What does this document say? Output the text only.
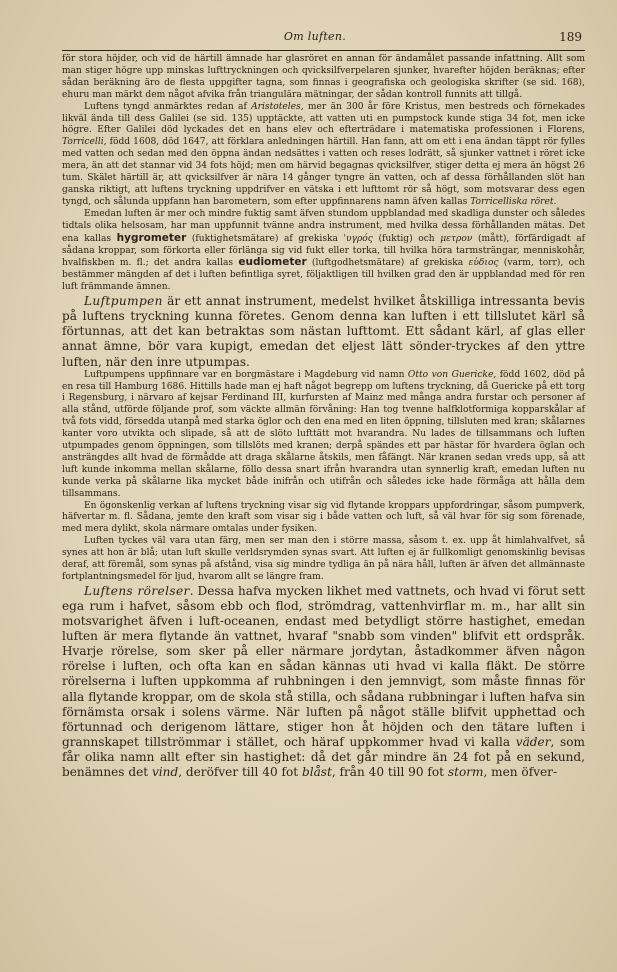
Om luften.	189

för stora höjder, och vid de härtill ämnade har glasröret en annan för ändamålet passande infattning. Allt som man stiger högre upp minskas lufttryckningen och qvicksilfverpelaren sjunker, hvarefter höjden beräknas; efter sådan beräkning äro de flesta uppgifter tagna, som finnas i geografiska och geologiska skrifter (se sid. 168), ehuru man märkt dem något afvika från triangulära mätningar, der sådan kontroll funnits att tillgå.

Luftens tyngd anmärktes redan af Aristoteles, mer än 300 år före Kristus, men bestreds och förnekades likväl ända till dess Galilei (se sid. 135) upptäckte, att vatten uti en pumpstock kunde stiga 34 fot, men icke högre. Efter Galilei död lyckades det en hans elev och efterträdare i matematiska professionen i Florens, Torricelli, född 1608, död 1647, att förklara anledningen härtill. Han fann, att om ett i ena ändan täppt rör fylles med vatten och sedan med den öppna ändan nedsättes i vatten och reses lodrätt, så sjunker vattnet i röret icke mera, än att det stannar vid 34 fots höjd; men om härvid begagnas qvicksilfver, stiger detta ej mera än högst 26 tum. Skälet härtill är, att qvicksilfver är nära 14 gånger tyngre än vatten, och af dessa förhållanden slöt han ganska riktigt, att luftens tryckning uppdrifver en vätska i ett lufttomt rör så högt, som motsvarar dess egen tyngd, och sålunda uppfann han barometern, som efter uppfinnarens namn äfven kallas Torricelliska röret.

Emedan luften är mer och mindre fuktig samt äfven stundom uppblandad med skadliga dunster och således tidtals olika helsosam, har man uppfunnit tvänne andra instrument, med hvilka dessa förhållanden mätas. Det ena kallas hygrometer (fuktighetsmätare) af grekiska 'υγρός (fuktig) och μετρον (mått), förfärdigadt af sådana kroppar, som förkorta eller förlänga sig vid fukt eller torka, till hvilka höra tarmsträngar, menniskohår, hvalfiskben m. fl.; det andra kallas eudiometer (luftgodhetsmätare) af grekiska εὐδιος (varm, torr), och bestämmer mängden af det i luften befintliga syret, följaktligen till hvilken grad den är uppblandad med för ren luft främmande ämnen.

Luftpumpen är ett annat instrument, medelst hvilket åtskilliga intressanta bevis på luftens tryckning kunna företes. Genom denna kan luften i ett tillslutet kärl så förtunnas, att det kan betraktas som nästan lufttomt. Ett sådant kärl, af glas eller annat ämne, bör vara kupigt, emedan det eljest lätt sönder-tryckes af den yttre luften, när den inre utpumpas.

Luftpumpens uppfinnare var en borgmästare i Magdeburg vid namn Otto von Guericke, född 1602, död på en resa till Hamburg 1686. Hittills hade man ej haft något begrepp om luftens tryckning, då Guericke på ett torg i Regensburg, i närvaro af kejsar Ferdinand III, kurfursten af Mainz med många andra furstar och personer af alla stånd, utförde följande prof, som väckte allmän förvåning: Han tog tvenne halfklotformiga kopparskålar af två fots vidd, försedda utanpå med starka öglor och den ena med en liten öppning, tillsluten med kran; skålarnes kanter voro utvikta och slipade, så att de slöto lufttätt mot hvarandra. Nu lades de tillsammans och luften utpumpades genom öppningen, som tillslöts med kranen; derpå spändes ett par hästar för hvardera öglan och ansträngdes allt hvad de förmådde att draga skålarne åtskils, men fåfängt. När kranen sedan vreds upp, så att luft kunde inkomma mellan skålarne, föllo dessa snart ifrån hvarandra utan synnerlig kraft, emedan luften nu kunde verka på skålarne lika mycket både inifrån och utifrån och således icke hade förmåga att hålla dem tillsammans.

En ögonskenlig verkan af luftens tryckning visar sig vid flytande kroppars uppfordringar, såsom pumpverk, häfvertar m. fl. Sådana, jemte den kraft som visar sig i både vatten och luft, så väl hvar för sig som förenade, med mera dylikt, skola närmare omtalas under fysiken.

Luften tyckes väl vara utan färg, men ser man den i större massa, såsom t. ex. upp åt himlahvalfvet, så synes att hon är blå; utan luft skulle verldsrymden synas svart. Att luften ej är fullkomligt genomskinlig bevisas deraf, att föremål, som synas på afstånd, visa sig mindre tydliga än på nära håll, luften är äfven det allmännaste fortplantningsmedel för ljud, hvarom allt se längre fram.

Luftens rörelser. Dessa hafva mycken likhet med vattnets, och hvad vi förut sett ega rum i hafvet, såsom ebb och flod, strömdrag, vattenhvirflar m. m., har allt sin motsvarighet äfven i luft-oceanen, endast med betydligt större hastighet, emedan luften är mera flytande än vattnet, hvaraf "snabb som vinden" blifvit ett ordspråk. Hvarje rörelse, som sker på eller närmare jordytan, åstadkommer äfven någon rörelse i luften, och ofta kan en sådan kännas uti hvad vi kalla fläkt. De större rörelserna i luften uppkomma af ruhbningen i den jemnvigt, som måste finnas för alla flytande kroppar, om de skola stå stilla, och sådana rubbningar i luften hafva sin förnämsta orsak i solens värme. När luften på något ställe blifvit upphettad och förtunnad och derigenom lättare, stiger hon åt höjden och den tätare luften i grannskapet tillströmmar i stället, och häraf uppkommer hvad vi kalla väder, som får olika namn allt efter sin hastighet: då det går mindre än 24 fot på en sekund, benämnes det vind, deröfver till 40 fot blåst, från 40 till 90 fot storm, men öfver-
